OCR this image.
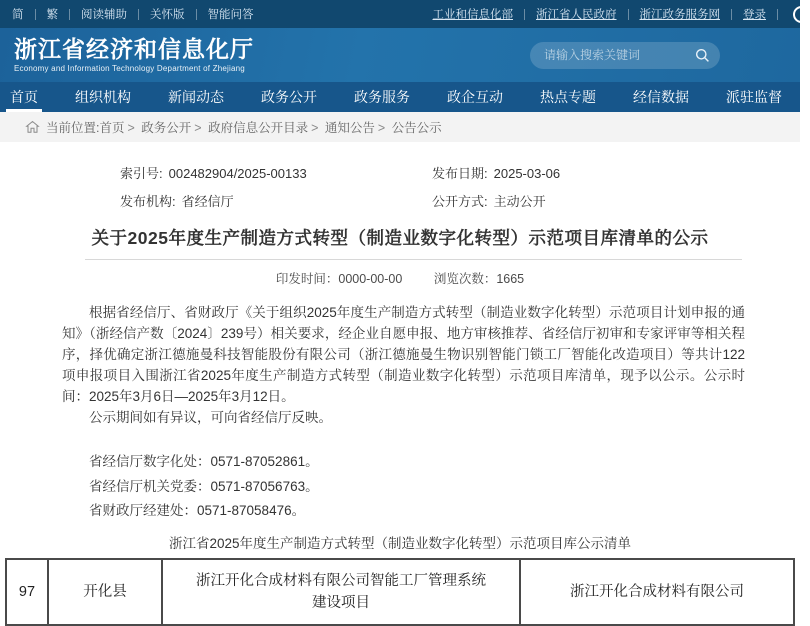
简 繁 阅读辅助 关怀版 智能问答	工业和信息化部 浙江省人民政府 浙江政务服务网 登录
浙江省经济和信息化厅
Economy and Information Technology Department of Zhejiang
请输入搜索关键词
首页	组织机构	新闻动态	政务公开	政务服务	政企互动	热点专题	经信数据	派驻监督
当前位置: 首页	> 政务公开	> 政府信息公开目录	> 通知公告	> 公告公示
索引号: 002482904/2025-00133	发布日期: 2025-03-06
发布机构: 省经信厅	公开方式: 主动公开
关于2025年度生产制造方式转型（制造业数字化转型）示范项目库清单的公示
印发时间：0000-00-00	浏览次数：1665

根据省经信厅、省财政厅《关于组织2025年度生产制造方式转型（制造业数字化转型）示范项目计划申报的通知》（浙经信产数〔2024〕239号）相关要求，经企业自愿申报、地方审核推荐、省经信厅初审和专家评审等相关程序，择优确定浙江德施曼科技智能股份有限公司（浙江德施曼生物识别智能门锁工厂智能化改造项目）等共计122项申报项目入围浙江省2025年度生产制造方式转型（制造业数字化转型）示范项目库清单，现予以公示。公示时间：2025年3月6日—2025年3月12日。

公示期间如有异议，可向省经信厅反映。

省经信厅数字化处：0571-87052861。

省经信厅机关党委：0571-87056763。

省财政厅经建处：0571-87058476。

浙江省2025年度生产制造方式转型（制造业数字化转型）示范项目库公示清单
97	开化县	浙江开化合成材料有限公司智能工厂管理系统建设项目	浙江开化合成材料有限公司
